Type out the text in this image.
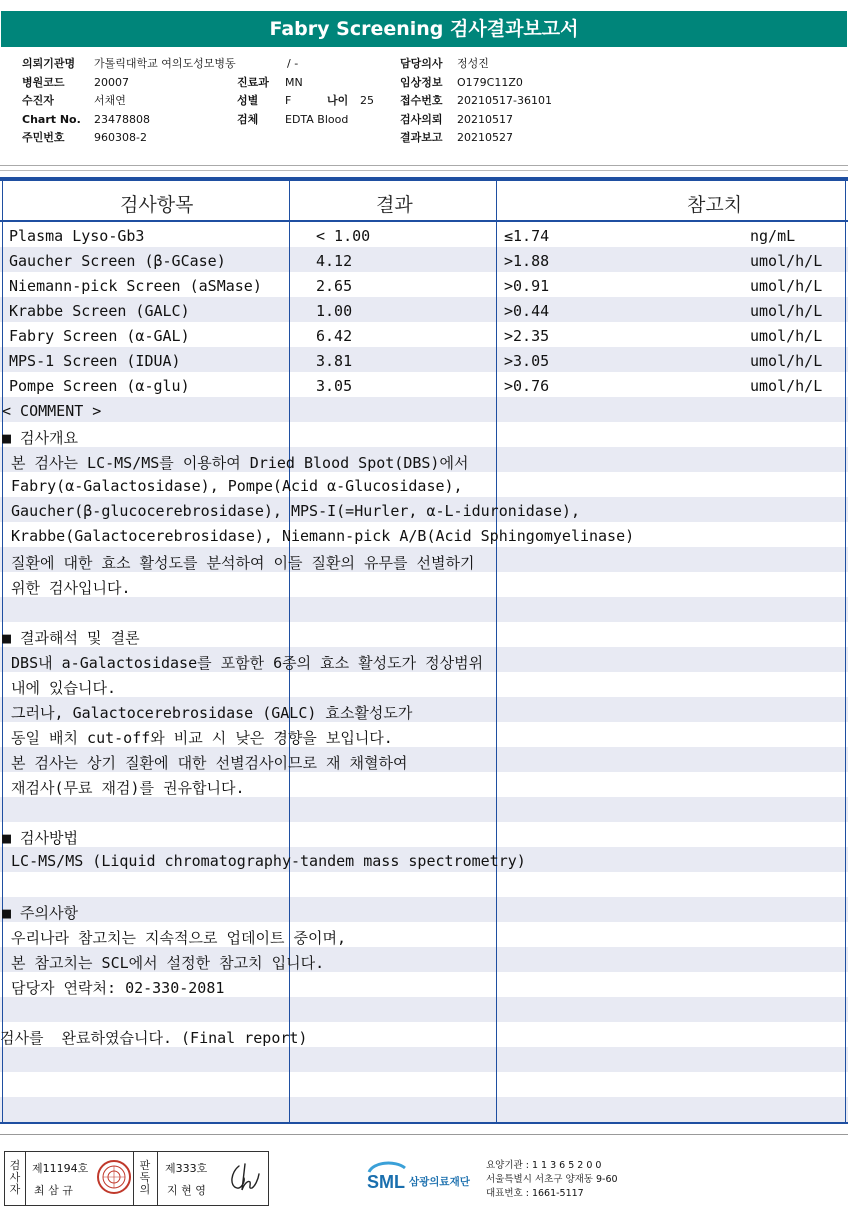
Fabry Screening 검사결과보고서
의뢰기관명	가톨릭대학교 여의도성모병동
병원코드	20007
수진자	서채연
Chart No.	23478808
주민번호	960308-2
/ -
진료과	MN
성별	F	나이	25
검체	EDTA Blood
담당의사	정성진
임상정보	O179C11Z0
접수번호	20210517-36101
검사의뢰	20210517
결과보고	20210527
검사항목	결과	참고치
Plasma Lyso-Gb3	< 1.00	≤1.74	ng/mL
Gaucher Screen (β-GCase)	4.12	>1.88	umol/h/L
Niemann-pick Screen (aSMase)	2.65	>0.91	umol/h/L
Krabbe Screen (GALC)	1.00	>0.44	umol/h/L
Fabry Screen (α-GAL)	6.42	>2.35	umol/h/L
MPS-1 Screen (IDUA)	3.81	>3.05	umol/h/L
Pompe Screen (α-glu)	3.05	>0.76	umol/h/L
< COMMENT >
■ 검사개요
본 검사는 LC-MS/MS를 이용하여 Dried Blood Spot(DBS)에서
Fabry(α-Galactosidase), Pompe(Acid α-Glucosidase),
Gaucher(β-glucocerebrosidase), MPS-I(=Hurler, α-L-iduronidase),
Krabbe(Galactocerebrosidase), Niemann-pick A/B(Acid Sphingomyelinase)
질환에 대한 효소 활성도를 분석하여 이들 질환의 유무를 선별하기
위한 검사입니다.
■ 결과해석 및 결론
DBS내 a-Galactosidase를 포함한 6종의 효소 활성도가 정상범위
내에 있습니다.
그러나, Galactocerebrosidase (GALC) 효소활성도가
동일 배치 cut-off와 비교 시 낮은 경향을 보입니다.
본 검사는 상기 질환에 대한 선별검사이므로 재 채혈하여
재검사(무료 재검)를 권유합니다.
■ 검사방법
LC-MS/MS (Liquid chromatography-tandem mass spectrometry)
■ 주의사항
우리나라 참고치는 지속적으로 업데이트 중이며,
본 참고치는 SCL에서 설정한 참고치 입니다.
담당자 연락처: 02-330-2081
검사를  완료하였습니다. (Final report)
검사자
제11194호
최 삼 규
판독의
제333호
지 현 영	SML 삼광의료재단
요양기관 : 1 1 3 6 5 2 0 0
서울특별시 서초구 양재동 9-60
대표번호 : 1661-5117
